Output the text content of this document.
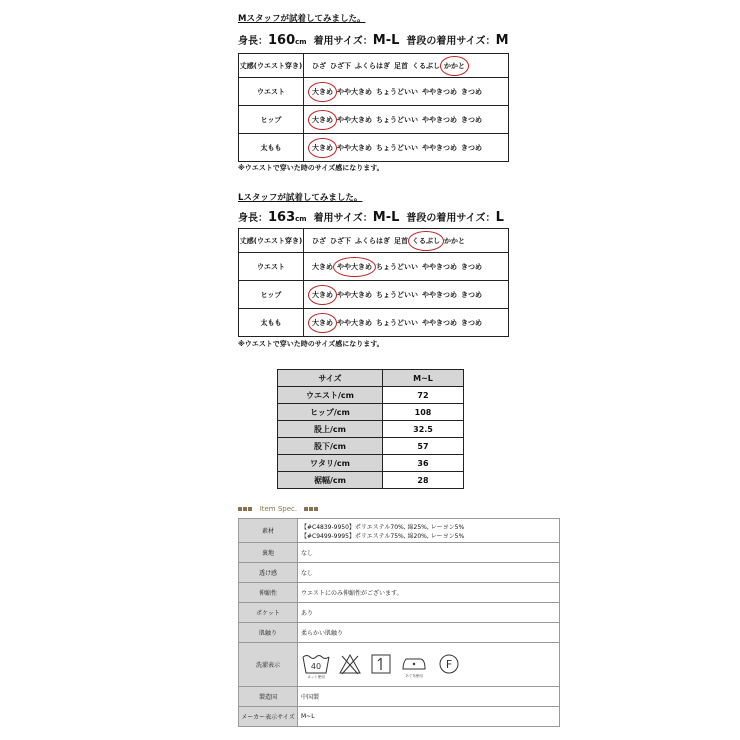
Mスタッフが試着してみました。
身長：160cm 着用サイズ：M-L 普段の着用サイズ：M
丈感(ウエスト穿き)	ひざ ひざ下 ふくらはぎ 足首 くるぶし かかと
ウエスト	大きめ やや大きめ ちょうどいい ややきつめ きつめ
ヒップ	大きめ やや大きめ ちょうどいい ややきつめ きつめ
太もも	大きめ やや大きめ ちょうどいい ややきつめ きつめ
※ウエストで穿いた時のサイズ感になります。
Lスタッフが試着してみました。
身長：163cm 着用サイズ：M-L 普段の着用サイズ：L
丈感(ウエスト穿き)	ひざ ひざ下 ふくらはぎ 足首 くるぶし かかと
ウエスト	大きめ やや大きめ ちょうどいい ややきつめ きつめ
ヒップ	大きめ やや大きめ ちょうどいい ややきつめ きつめ
太もも	大きめ やや大きめ ちょうどいい ややきつめ きつめ
※ウエストで穿いた時のサイズ感になります。
サイズ	M~L
ウエスト/cm	72
ヒップ/cm	108
股上/cm	32.5
股下/cm	57
ワタリ/cm	36
裾幅/cm	28
Item Spec.
素材	【#C4839-9950】ポリエステル70%, 綿25%, レーヨン5%
【#C9499-9995】ポリエステル75%, 綿20%, レーヨン5%

裏地	なし

透け感	なし

伸縮性	ウエストにのみ伸縮性がございます。

ポケット	あり

肌触り	柔らかい肌触り

洗濯表示	40
ネット使用 あて布使用
F

製造国	中国製

メーカー表示サイズ	M~L
